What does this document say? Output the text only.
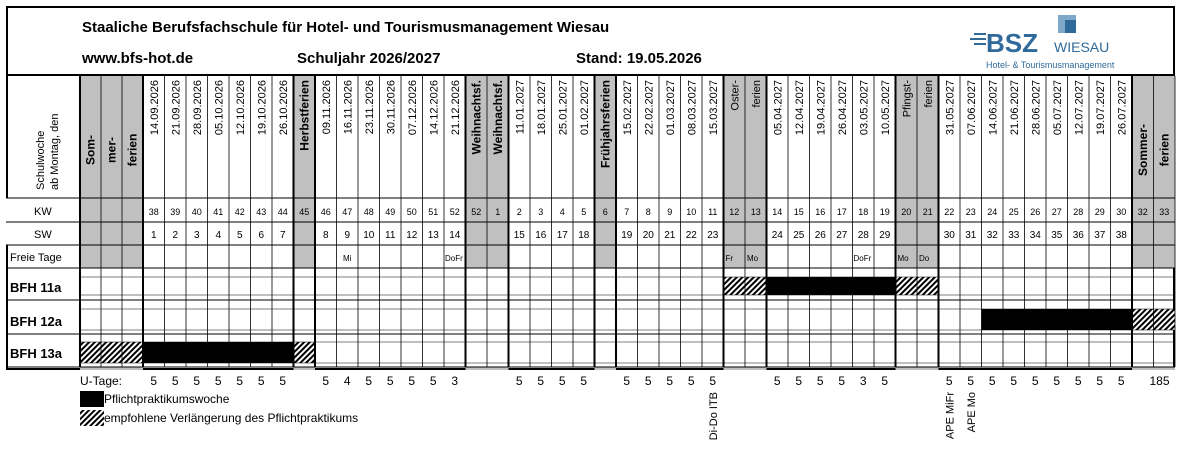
Staaliche Berufsfachschule für Hotel- und Tourismusmanagement Wiesau
www.bfs-hot.de	Schuljahr 2026/2027	Stand: 19.05.2026
BSZ WIESAU
Hotel- & Tourismusmanagement
Schulwoche ab Montag, den
KW
SW
Freie Tage
BFH 11a
BFH 12a
BFH 13a
U-Tage:
Som- mer- ferien
14.09.2026
38
1
5
21.09.2026
39
2
5
28.09.2026
40
3
5
05.10.2026
41
4
5
12.10.2026
42
5
5
19.10.2026
43
6
5
26.10.2026
44
7
5
Herbstferien
45
09.11.2026
46
8
5
16.11.2026
47
9
Mi
4
23.11.2026
48
10
5
30.11.2026
49
11
5
07.12.2026
50
12
5
14.12.2026
51
13
5
21.12.2026
52
14
DoFr
3
Weihnachtsf.
52
Weihnachtsf.
1
11.01.2027
2
15
5
18.01.2027
3
16
5
25.01.2027
4
17
5
01.02.2027
5
18
5
Frühjahrsferien
6
15.02.2027
7
19
5
22.02.2027
8
20
5
01.03.2027
9
21
5
08.03.2027
10
22
5
15.03.2027
11
23
5
Di-Do ITB
Oster-
12
Fr
ferien
13
Mo
05.04.2027
14
24
5
12.04.2027
15
25
5
19.04.2027
16
26
5
26.04.2027
17
27
5
03.05.2027
18
28
DoFr
3
10.05.2027
19
29
5
Pfingst-
20
Mo
ferien
21
Do
31.05.2027
22
30
5
APE MiFr
07.06.2027
23
31
5
APE Mo
14.06.2027
24
32
5
21.06.2027
25
33
5
28.06.2027
26
34
5
05.07.2027
27
35
5
12.07.2027
28
36
5
19.07.2027
29
37
5
26.07.2027
30
38
5
Sommer- ferien
32 33
185
Pflichtpraktikumswoche
empfohlene Verlängerung des Pflichtpraktikums
